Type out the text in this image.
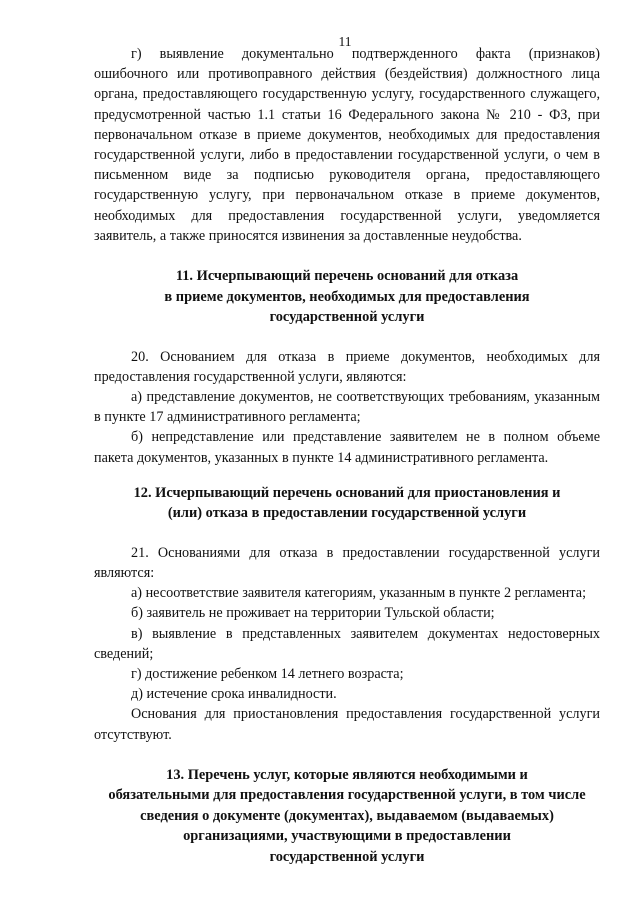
11

г) выявление документально подтвержденного факта (признаков) ошибочного или противоправного действия (бездействия) должностного лица органа, предоставляющего государственную услугу, государственного служащего, предусмотренной частью 1.1 статьи 16 Федерального закона № 210 - ФЗ, при первоначальном отказе в приеме документов, необходимых для предоставления государственной услуги, либо в предоставлении государственной услуги, о чем в письменном виде за подписью руководителя органа, предоставляющего государственную услугу, при первоначальном отказе в приеме документов, необходимых для предоставления государственной услуги, уведомляется заявитель, а также приносятся извинения за доставленные неудобства.

11. Исчерпывающий перечень оснований для отказа
в приеме документов, необходимых для предоставления
государственной услуги

20. Основанием для отказа в приеме документов, необходимых для предоставления государственной услуги, являются:

а) представление документов, не соответствующих требованиям, указанным в пункте 17 административного регламента;

б) непредставление или представление заявителем не в полном объеме пакета документов, указанных в пункте 14 административного регламента.

12. Исчерпывающий перечень оснований для приостановления и
(или) отказа в предоставлении государственной услуги

21. Основаниями для отказа в предоставлении государственной услуги являются:

а) несоответствие заявителя категориям, указанным в пункте 2 регламента;

б) заявитель не проживает на территории Тульской области;

в) выявление в представленных заявителем документах недостоверных сведений;

г) достижение ребенком 14 летнего возраста;

д) истечение срока инвалидности.

Основания для приостановления предоставления государственной услуги отсутствуют.

13. Перечень услуг, которые являются необходимыми и
обязательными для предоставления государственной услуги, в том числе
сведения о документе (документах), выдаваемом (выдаваемых)
организациями, участвующими в предоставлении
государственной услуги
